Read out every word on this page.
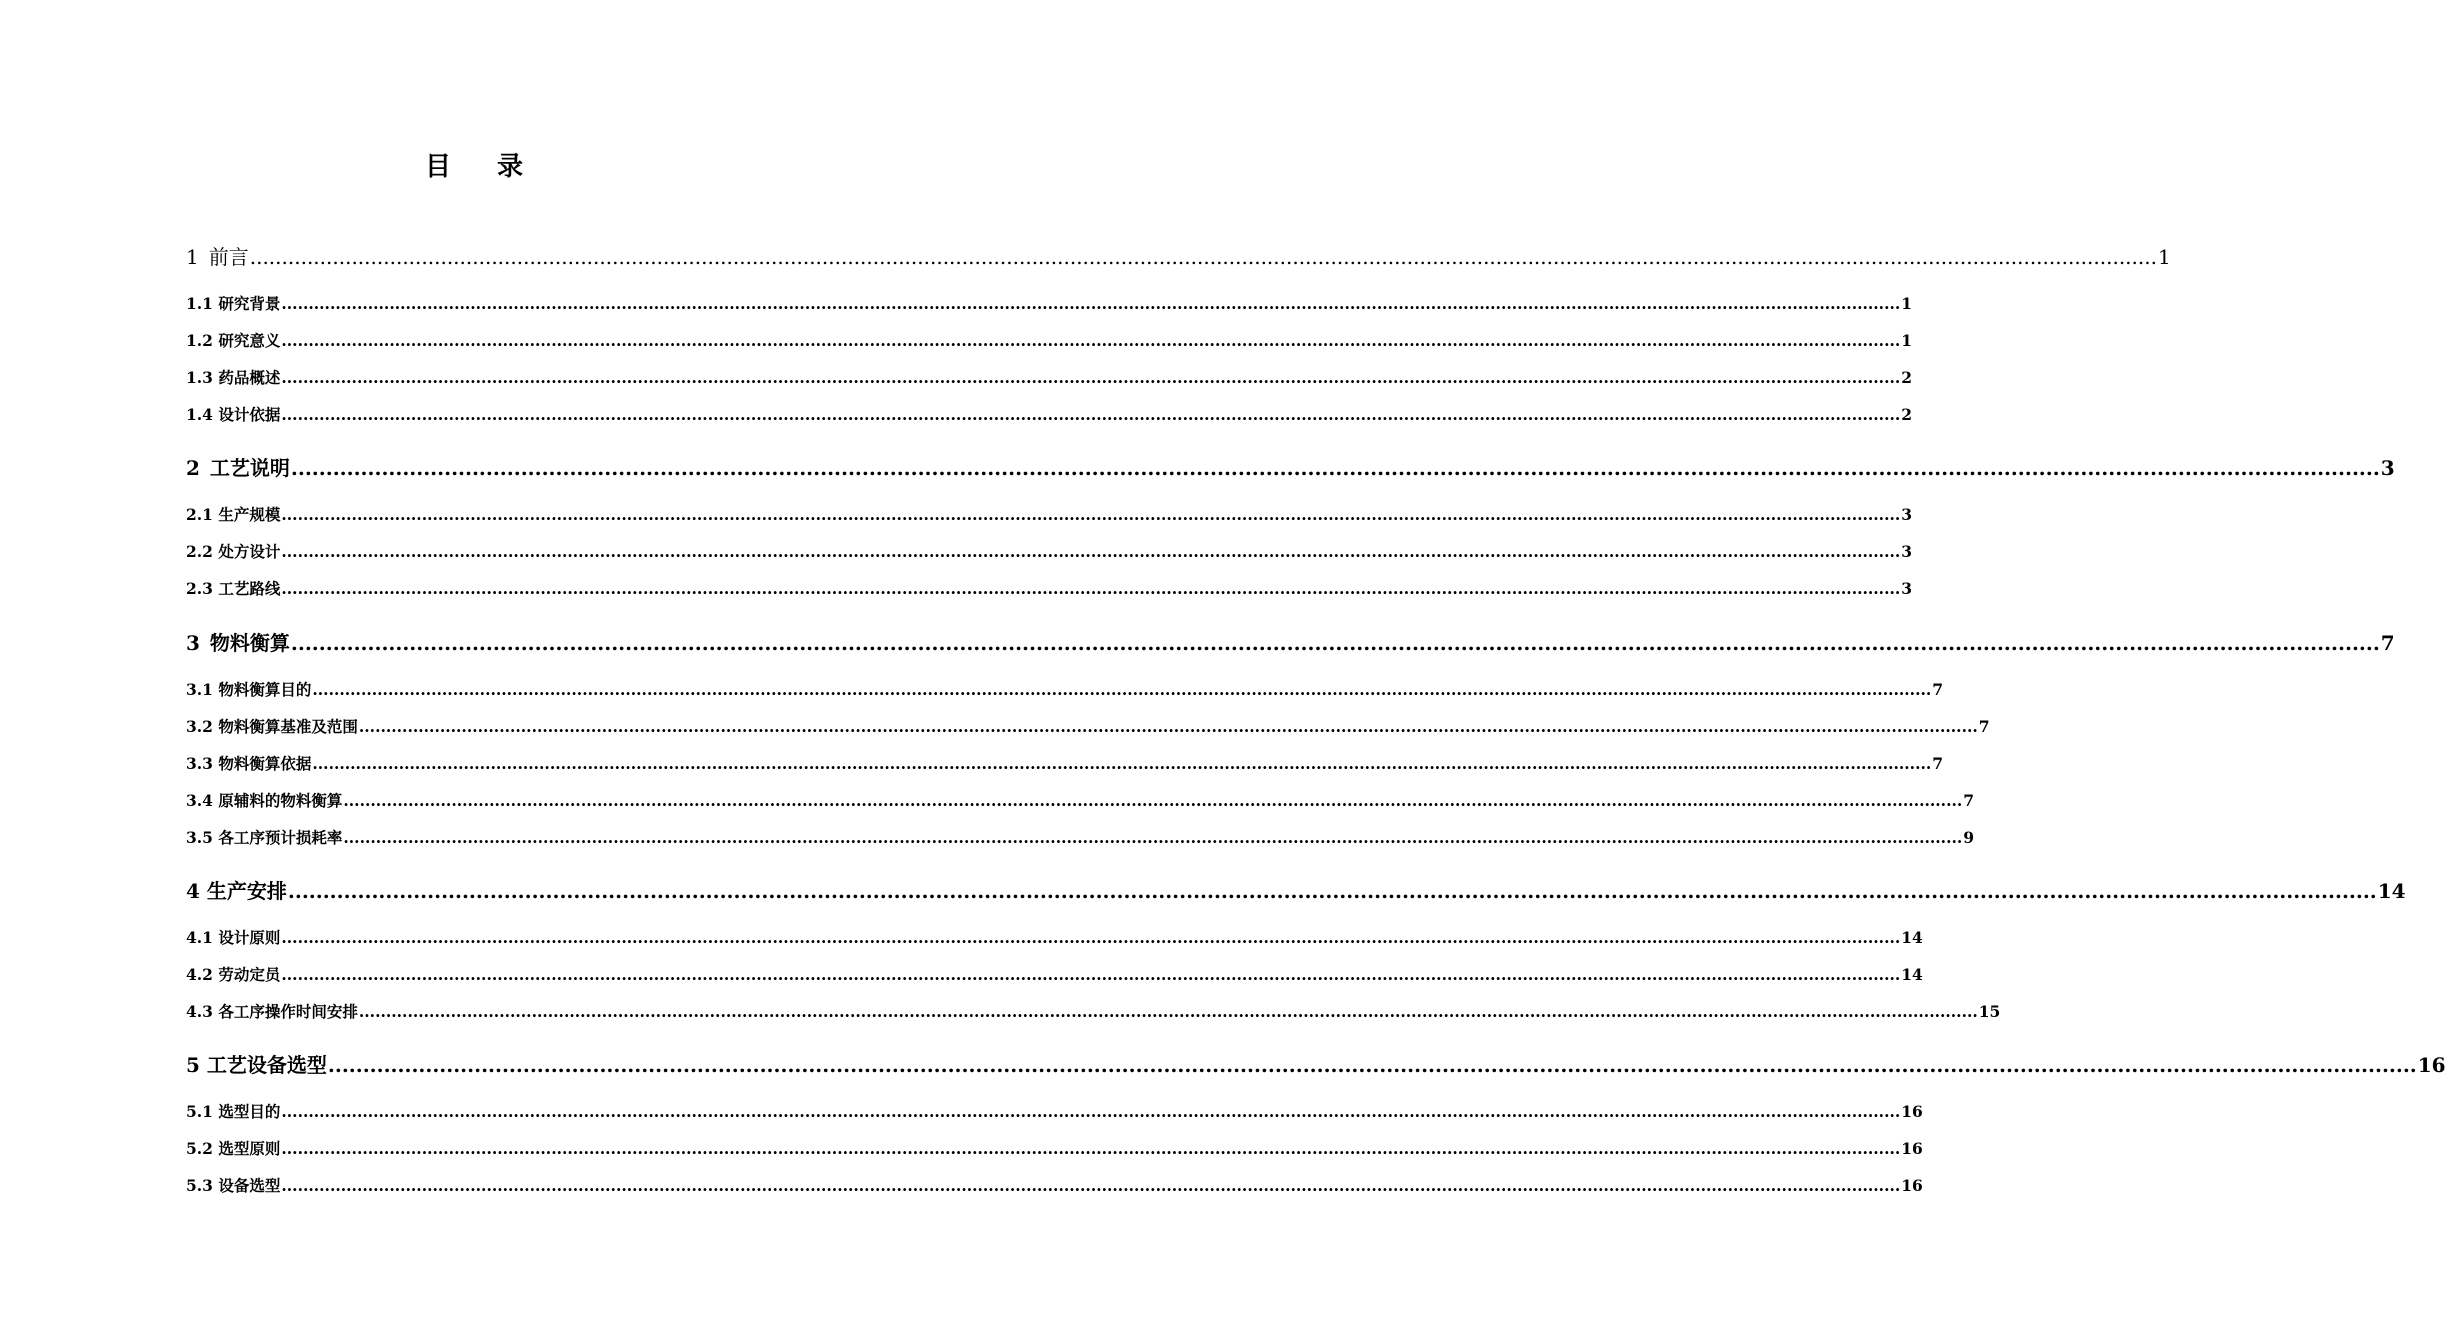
目 录
1 前言 ............................................................................................................................................................................................................................................................................................................ 1
1.1 研究背景 ............................................................................................................................................................................................................................................................................................................ 1
1.2 研究意义 ............................................................................................................................................................................................................................................................................................................ 1
1.3 药品概述 ............................................................................................................................................................................................................................................................................................................ 2
1.4 设计依据 ............................................................................................................................................................................................................................................................................................................ 2
2 工艺说明 ............................................................................................................................................................................................................................................................................................................ 3
2.1 生产规模 ............................................................................................................................................................................................................................................................................................................ 3
2.2 处方设计 ............................................................................................................................................................................................................................................................................................................ 3
2.3 工艺路线 ............................................................................................................................................................................................................................................................................................................ 3
3 物料衡算 ............................................................................................................................................................................................................................................................................................................ 7
3.1 物料衡算目的 ............................................................................................................................................................................................................................................................................................................ 7
3.2 物料衡算基准及范围 ............................................................................................................................................................................................................................................................................................................ 7
3.3 物料衡算依据 ............................................................................................................................................................................................................................................................................................................ 7
3.4 原辅料的物料衡算 ............................................................................................................................................................................................................................................................................................................ 7
3.5 各工序预计损耗率 ............................................................................................................................................................................................................................................................................................................ 9
4 生产安排 ............................................................................................................................................................................................................................................................................................................ 14
4.1 设计原则 ............................................................................................................................................................................................................................................................................................................ 14
4.2 劳动定员 ............................................................................................................................................................................................................................................................................................................ 14
4.3 各工序操作时间安排 ............................................................................................................................................................................................................................................................................................................ 15
5 工艺设备选型 ............................................................................................................................................................................................................................................................................................................ 16
5.1 选型目的 ............................................................................................................................................................................................................................................................................................................ 16
5.2 选型原则 ............................................................................................................................................................................................................................................................................................................ 16
5.3 设备选型 ............................................................................................................................................................................................................................................................................................................ 16
